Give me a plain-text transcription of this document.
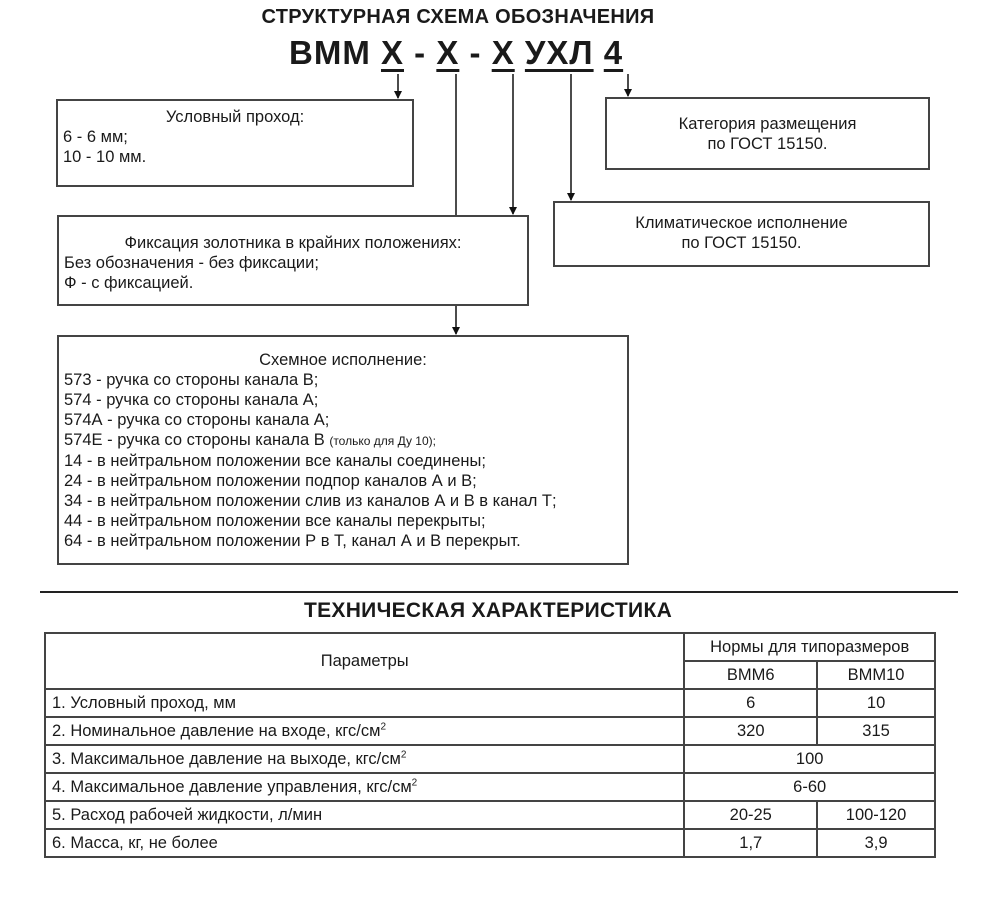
СТРУКТУРНАЯ СХЕМА ОБОЗНАЧЕНИЯ
ВММ Х - Х - Х УХЛ 4
Условный проход:
6 - 6 мм;
10 - 10 мм.
Категория размещения
по ГОСТ 15150.
Климатическое исполнение
по ГОСТ 15150.
Фиксация золотника в крайних положениях:
Без обозначения - без фиксации;
Ф - с фиксацией.
Схемное исполнение:
573 - ручка со стороны канала В;
574 - ручка со стороны канала А;
574А - ручка со стороны канала А;
574Е - ручка со стороны канала В (только для Ду 10);
14 - в нейтральном положении все каналы соединены;
24 - в нейтральном положении подпор каналов А и В;
34 - в нейтральном положении слив из каналов А и В в канал Т;
44 - в нейтральном положении все каналы перекрыты;
64 - в нейтральном положении Р в Т, канал А и В перекрыт.
ТЕХНИЧЕСКАЯ ХАРАКТЕРИСТИКА
Параметры	Нормы для типоразмеров	
	ВММ6	ВММ10
1. Условный проход, мм	6	10
2. Номинальное давление на входе, кгс/$см^2$	320	315
3. Максимальное давление на выходе, кгс/$см^2$	100	
4. Максимальное давление управления, кгс/$см^2$	6-60	
5. Расход рабочей жидкости, л/мин	20-25	100-120
6. Масса, кг, не более	1,7	3,9
